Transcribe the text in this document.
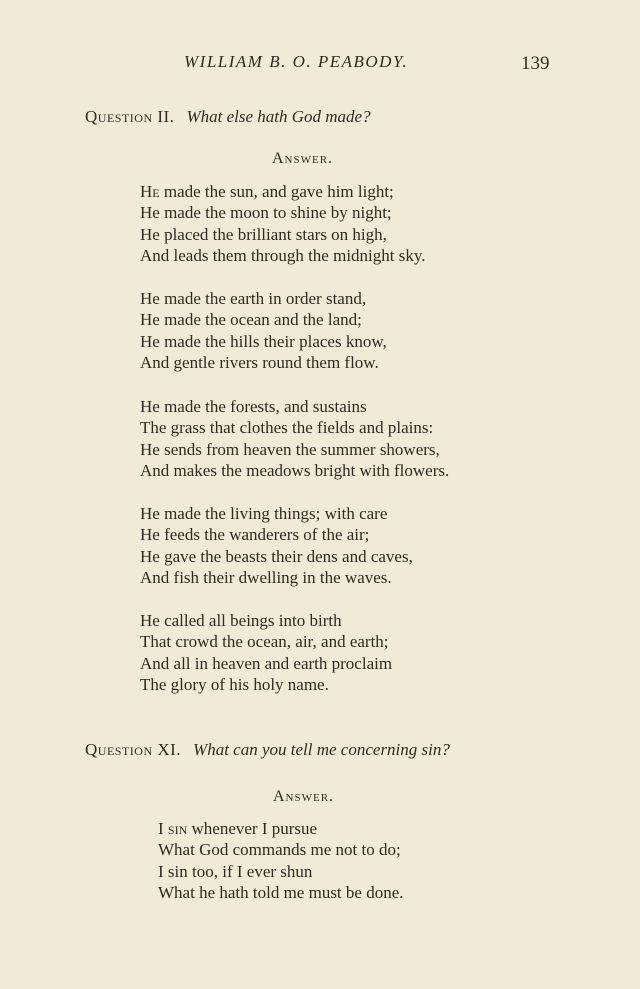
WILLIAM B. O. PEABODY.	139
Question II. What else hath God made?
Answer.
He made the sun, and gave him light;
He made the moon to shine by night;
He placed the brilliant stars on high,
And leads them through the midnight sky.
He made the earth in order stand,
He made the ocean and the land;
He made the hills their places know,
And gentle rivers round them flow.
He made the forests, and sustains
The grass that clothes the fields and plains:
He sends from heaven the summer showers,
And makes the meadows bright with flowers.
He made the living things; with care
He feeds the wanderers of the air;
He gave the beasts their dens and caves,
And fish their dwelling in the waves.
He called all beings into birth
That crowd the ocean, air, and earth;
And all in heaven and earth proclaim
The glory of his holy name.
Question XI. What can you tell me concerning sin?
Answer.
I sin whenever I pursue
What God commands me not to do;
I sin too, if I ever shun
What he hath told me must be done.
